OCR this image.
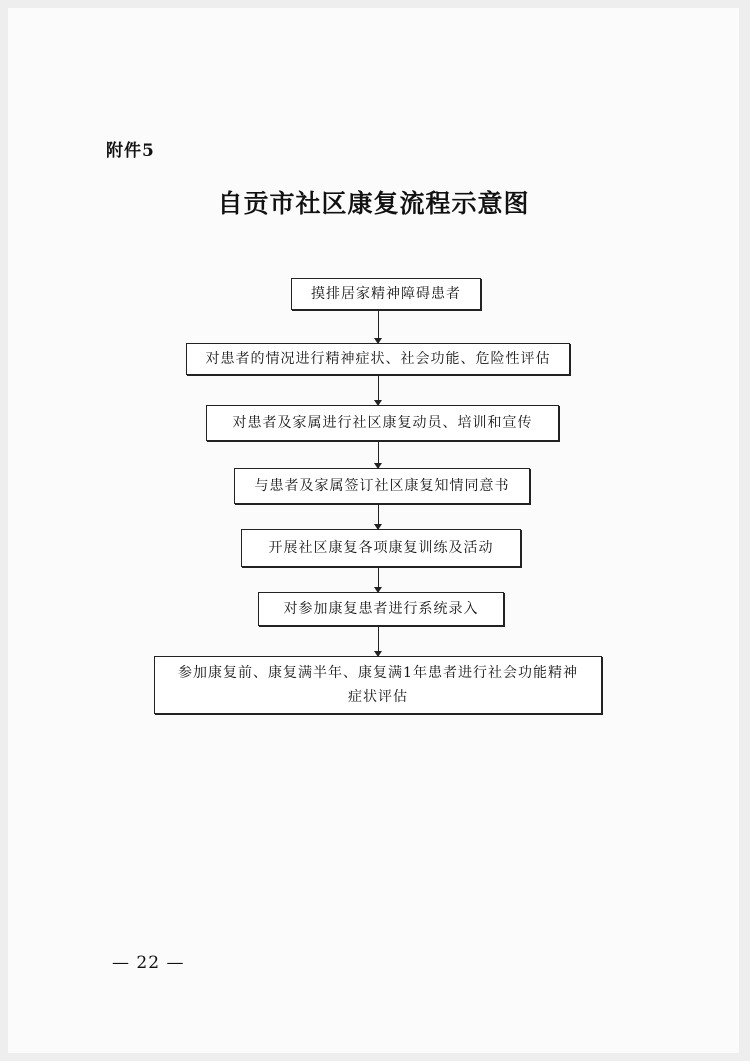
附件5
自贡市社区康复流程示意图
摸排居家精神障碍患者
对患者的情况进行精神症状、社会功能、危险性评估
对患者及家属进行社区康复动员、培训和宣传
与患者及家属签订社区康复知情同意书
开展社区康复各项康复训练及活动
对参加康复患者进行系统录入
参加康复前、康复满半年、康复满1年患者进行社会功能精神症状评估
— 22 —
